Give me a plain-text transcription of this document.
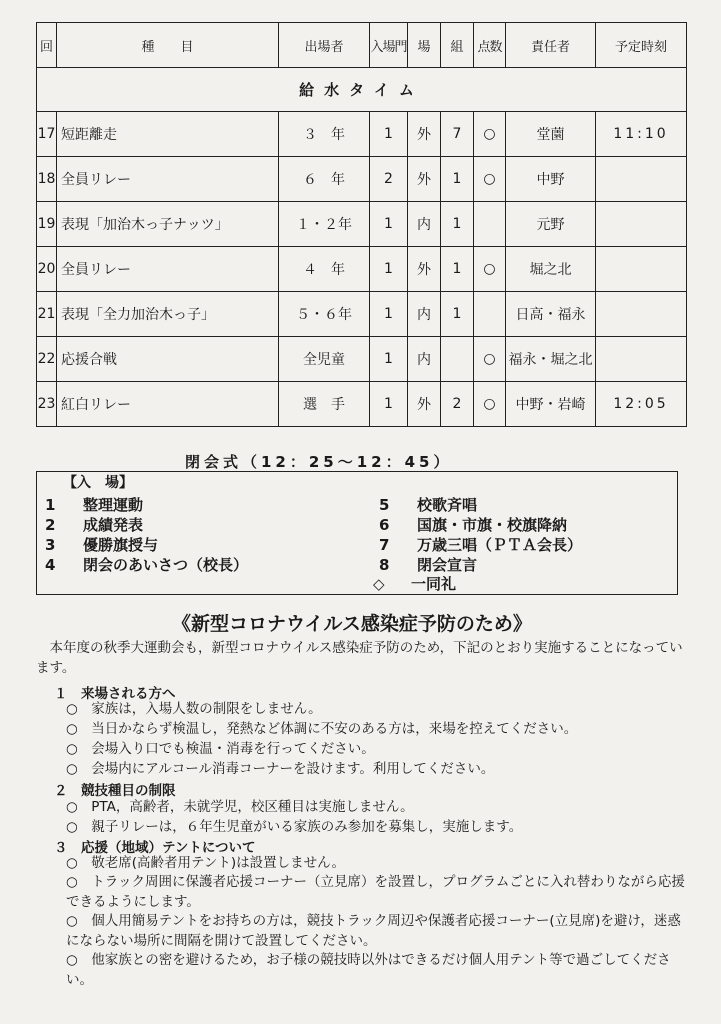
回	種　　目	出場者	入場門	場	組	点数	責任者	予定時刻
給水タイム								
17	短距離走	３　年	1	外	7	○	堂薗	11:10
18	全員リレー	６　年	2	外	1	○	中野	
19	表現「加治木っ子ナッツ」	１・２年	1	内	1		元野	
20	全員リレー	４　年	1	外	1	○	堀之北	
21	表現「全力加治木っ子」	５・６年	1	内	1		日高・福永	
22	応援合戦	全児童	1	内		○	福永・堀之北	
23	紅白リレー	選　手	1	外	2	○	中野・岩崎	12:05
閉会式（12：25〜12：45）
【入　場】
1 整理運動
2 成績発表
3 優勝旗授与
4 閉会のあいさつ（校長）
5 校歌斉唱
6 国旗・市旗・校旗降納
7 万歳三唱（ＰＴＡ会長）
8 閉会宣言
◇ 一同礼
《新型コロナウイルス感染症予防のため》
本年度の秋季大運動会も，新型コロナウイルス感染症予防のため，下記のとおり実施することになっています。
１　来場される方へ
○　家族は，入場人数の制限をしません。
○　当日かならず検温し，発熱など体調に不安のある方は，来場を控えてください。
○　会場入り口でも検温・消毒を行ってください。
○　会場内にアルコール消毒コーナーを設けます。利用してください。
２　競技種目の制限
○　PTA，高齢者，未就学児，校区種目は実施しません。
○　親子リレーは，６年生児童がいる家族のみ参加を募集し，実施します。
３　応援（地域）テントについて
○　敬老席(高齢者用テント)は設置しません。
○　トラック周囲に保護者応援コーナー（立見席）を設置し，プログラムごとに入れ替わりながら応援できるようにします。
○　個人用簡易テントをお持ちの方は，競技トラック周辺や保護者応援コーナー(立見席)を避け，迷惑にならない場所に間隔を開けて設置してください。
○　他家族との密を避けるため，お子様の競技時以外はできるだけ個人用テント等で過ごしてください。
